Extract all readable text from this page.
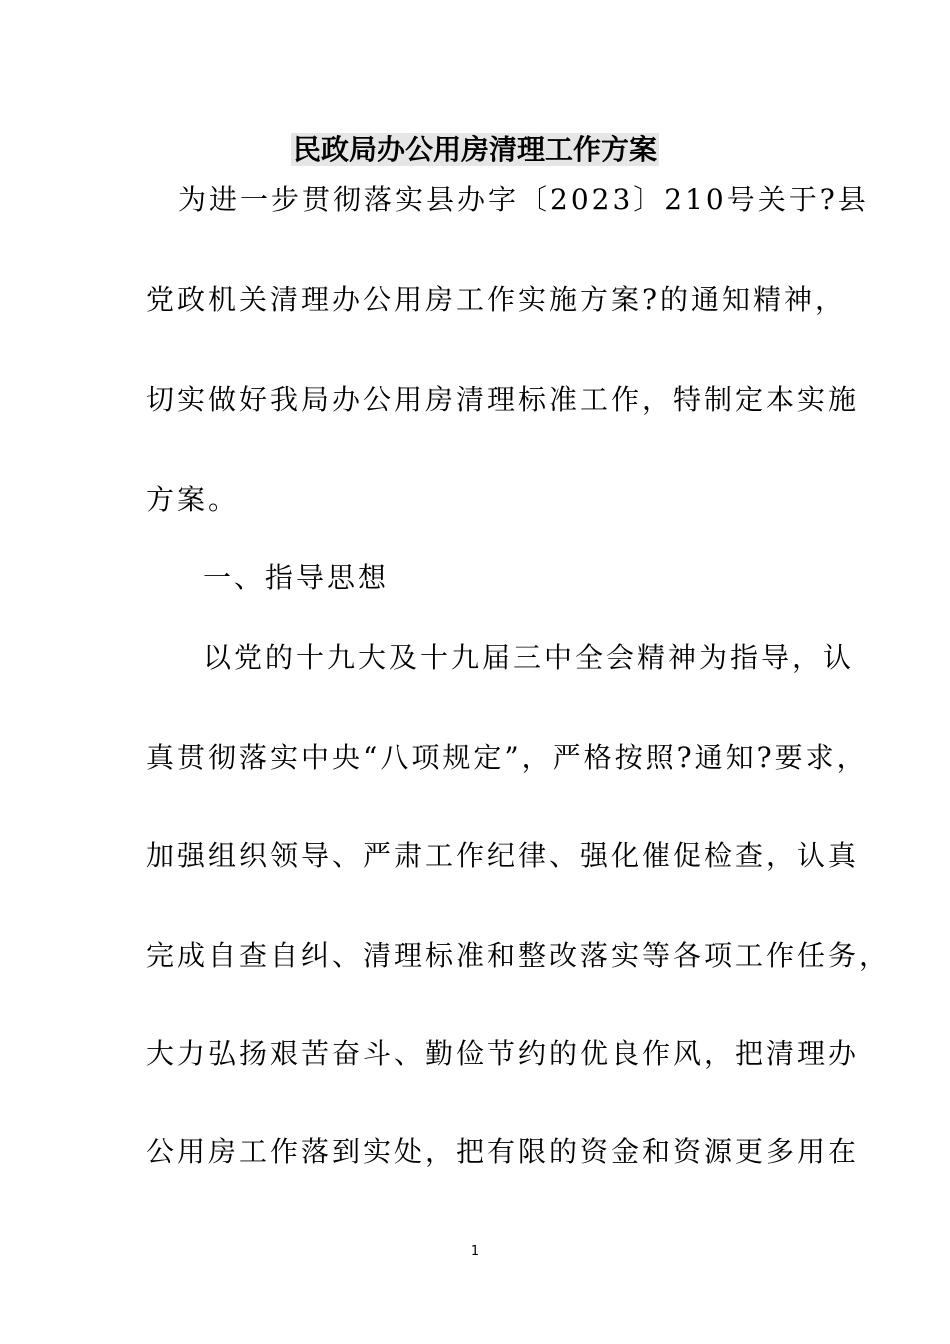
民政局办公用房清理工作方案
为进一步贯彻落实县办字〔2023〕210号关于?县
党政机关清理办公用房工作实施方案?的通知精神，
切实做好我局办公用房清理标准工作，特制定本实施
方案。
一、指导思想
以党的十九大及十九届三中全会精神为指导，认
真贯彻落实中央“八项规定”，严格按照?通知?要求，
加强组织领导、严肃工作纪律、强化催促检查，认真
完成自查自纠、清理标准和整改落实等各项工作任务，
大力弘扬艰苦奋斗、勤俭节约的优良作风，把清理办
公用房工作落到实处，把有限的资金和资源更多用在
1
